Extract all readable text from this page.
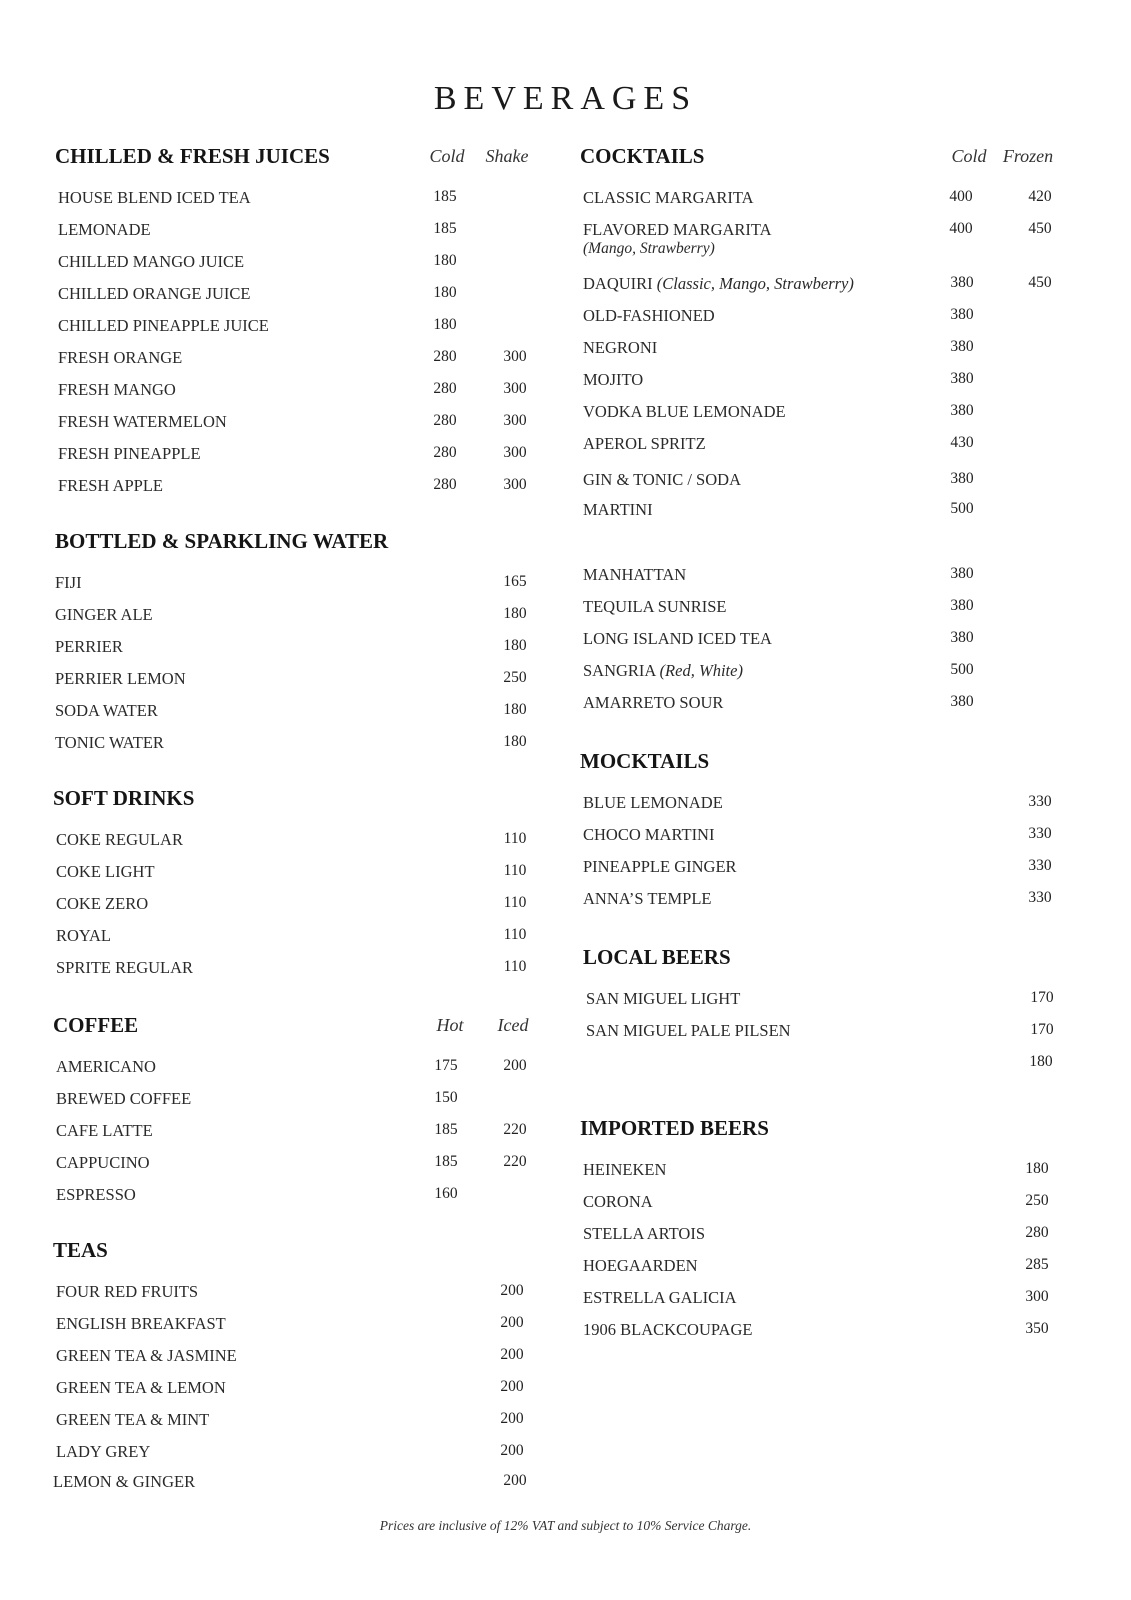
BEVERAGES
CHILLED & FRESH JUICES	Cold Shake
HOUSE BLEND ICED TEA	185
LEMONADE	185
CHILLED MANGO JUICE	180
CHILLED ORANGE JUICE	180
CHILLED PINEAPPLE JUICE	180
FRESH ORANGE	280	300
FRESH MANGO	280	300
FRESH WATERMELON	280	300
FRESH PINEAPPLE	280	300
FRESH APPLE	280	300
BOTTLED & SPARKLING WATER
FIJI	165
GINGER ALE	180
PERRIER	180
PERRIER LEMON	250
SODA WATER	180
TONIC WATER	180
SOFT DRINKS
COKE REGULAR	110
COKE LIGHT	110
COKE ZERO	110
ROYAL	110
SPRITE REGULAR	110
COFFEE	Hot Iced
AMERICANO	175	200
BREWED COFFEE	150
CAFE LATTE	185	220
CAPPUCINO	185	220
ESPRESSO	160
TEAS
FOUR RED FRUITS	200
ENGLISH BREAKFAST	200
GREEN TEA & JASMINE	200
GREEN TEA & LEMON	200
GREEN TEA & MINT	200
LADY GREY	200
LEMON & GINGER	200
COCKTAILS	Cold Frozen
CLASSIC MARGARITA	400	420
FLAVORED MARGARITA
(Mango, Strawberry)
400	450
DAQUIRI (Classic, Mango, Strawberry)	380	450
OLD-FASHIONED	380
NEGRONI	380
MOJITO	380
VODKA BLUE LEMONADE	380
APEROL SPRITZ	430
GIN & TONIC / SODA	380
MARTINI	500
MANHATTAN	380
TEQUILA SUNRISE	380
LONG ISLAND ICED TEA	380
SANGRIA (Red, White)	500
AMARRETO SOUR	380
MOCKTAILS
BLUE LEMONADE	330
CHOCO MARTINI	330
PINEAPPLE GINGER	330
ANNA’S TEMPLE	330
LOCAL BEERS
SAN MIGUEL LIGHT	170
SAN MIGUEL PALE PILSEN	170
180
IMPORTED BEERS
HEINEKEN	180
CORONA	250
STELLA ARTOIS	280
HOEGAARDEN	285
ESTRELLA GALICIA	300
1906 BLACKCOUPAGE	350
Prices are inclusive of 12% VAT and subject to 10% Service Charge.
